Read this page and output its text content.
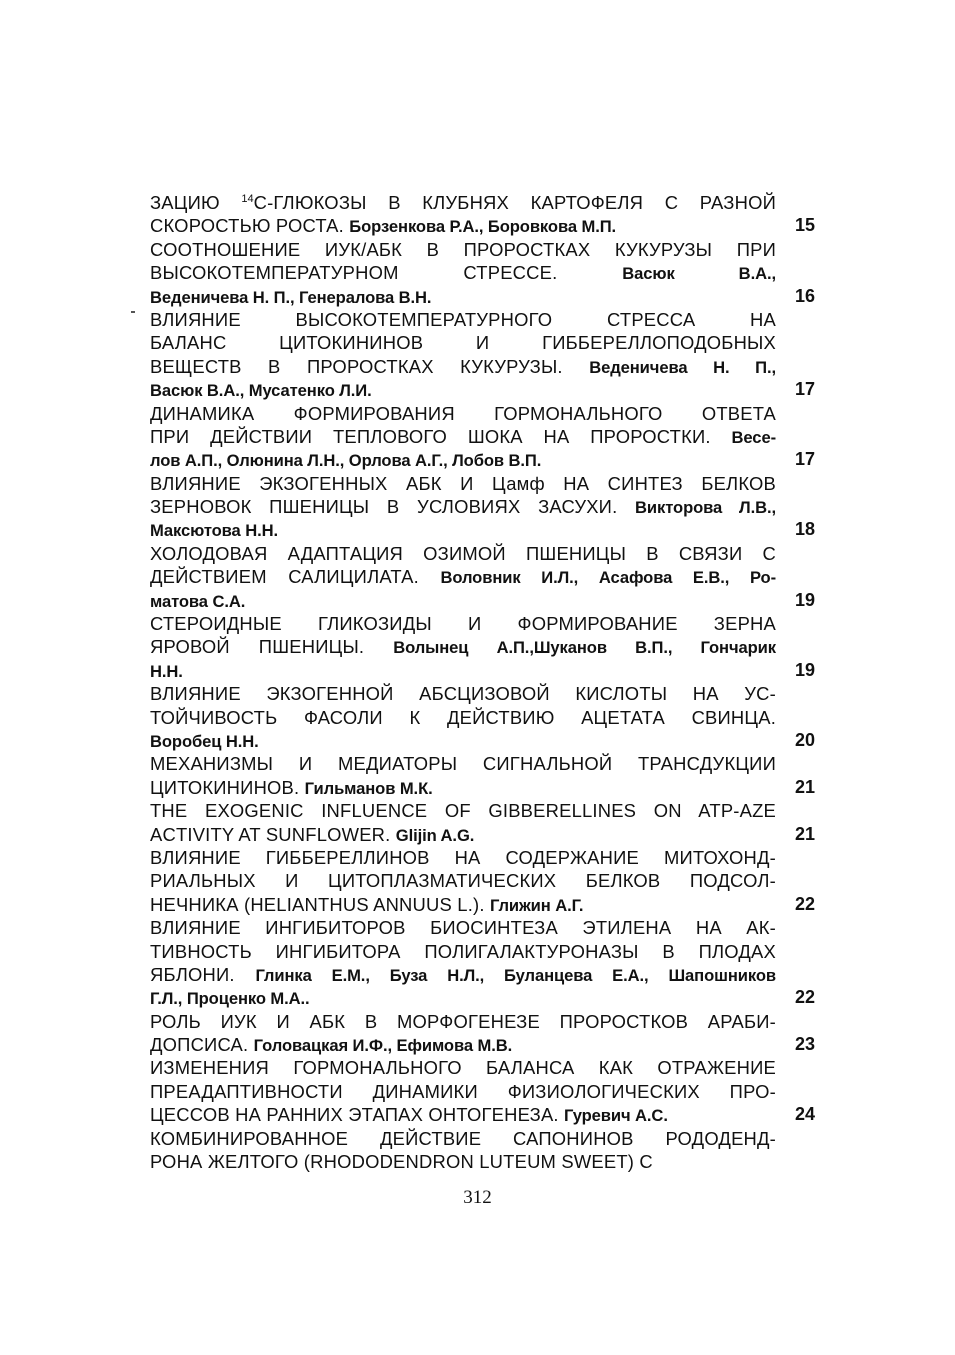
ЗАЦИЮ $^{14}$С-ГЛЮКОЗЫ В КЛУБНЯХ КАРТОФЕЛЯ С РАЗНОЙ
СКОРОСТЬЮ РОСТА. Борзенкова Р.А., Боровкова М.П.	15
СООТНОШЕНИЕ ИУК/АБК В ПРОРОСТКАХ КУКУРУЗЫ ПРИ
ВЫСОКОТЕМПЕРАТУРНОМ СТРЕССЕ. Васюк В.А.,
Веденичева Н. П., Генералова В.Н.	16
ВЛИЯНИЕ ВЫСОКОТЕМПЕРАТУРНОГО СТРЕССА НА
БАЛАНС ЦИТОКИНИНОВ И ГИББЕРЕЛЛОПОДОБНЫХ
ВЕЩЕСТВ В ПРОРОСТКАХ КУКУРУЗЫ. Веденичева Н. П.,
Васюк В.А., Мусатенко Л.И.	17
ДИНАМИКА ФОРМИРОВАНИЯ ГОРМОНАЛЬНОГО ОТВЕТА
ПРИ ДЕЙСТВИИ ТЕПЛОВОГО ШОКА НА ПРОРОСТКИ. Весе-
лов А.П., Олюнина Л.Н., Орлова А.Г., Лобов В.П.	17
ВЛИЯНИЕ ЭКЗОГЕННЫХ АБК И Цамф НА СИНТЕЗ БЕЛКОВ
ЗЕРНОВОК ПШЕНИЦЫ В УСЛОВИЯХ ЗАСУХИ. Викторова Л.В.,
Максютова Н.Н.	18
ХОЛОДОВАЯ АДАПТАЦИЯ ОЗИМОЙ ПШЕНИЦЫ В СВЯЗИ С
ДЕЙСТВИЕМ САЛИЦИЛАТА. Воловник И.Л., Асафова Е.В., Ро-
матова С.А.	19
СТЕРОИДНЫЕ ГЛИКОЗИДЫ И ФОРМИРОВАНИЕ ЗЕРНА
ЯРОВОЙ ПШЕНИЦЫ. Волынец А.П.,Шуканов В.П., Гончарик
Н.Н.	19
ВЛИЯНИЕ ЭКЗОГЕННОЙ АБСЦИЗОВОЙ КИСЛОТЫ НА УС-
ТОЙЧИВОСТЬ ФАСОЛИ К ДЕЙСТВИЮ АЦЕТАТА СВИНЦА.
Воробец Н.Н.	20
МЕХАНИЗМЫ И МЕДИАТОРЫ СИГНАЛЬНОЙ ТРАНСДУКЦИИ
ЦИТОКИНИНОВ. Гильманов М.К.	21
THE EXOGENIC INFLUENCE OF GIBBERELLINES ON ATP-AZE
ACTIVITY AT SUNFLOWER. Glijin A.G.	21
ВЛИЯНИЕ ГИББЕРЕЛЛИНОВ НА СОДЕРЖАНИЕ МИТОХОНД-
РИАЛЬНЫХ И ЦИТОПЛАЗМАТИЧЕСКИХ БЕЛКОВ ПОДСОЛ-
НЕЧНИКА (HELIANTHUS ANNUUS L.). Глижин А.Г.	22
ВЛИЯНИЕ ИНГИБИТОРОВ БИОСИНТЕЗА ЭТИЛЕНА НА АК-
ТИВНОСТЬ ИНГИБИТОРА ПОЛИГАЛАКТУРОНАЗЫ В ПЛОДАХ
ЯБЛОНИ. Глинка Е.М., Буза Н.Л., Буланцева Е.А., Шапошников
Г.Л., Проценко М.А..	22
РОЛЬ ИУК И АБК В МОРФОГЕНЕЗЕ ПРОРОСТКОВ АРАБИ-
ДОПСИСА. Головацкая И.Ф., Ефимова М.В.	23
ИЗМЕНЕНИЯ ГОРМОНАЛЬНОГО БАЛАНСА КАК ОТРАЖЕНИЕ
ПРЕАДАПТИВНОСТИ ДИНАМИКИ ФИЗИОЛОГИЧЕСКИХ ПРО-
ЦЕССОВ НА РАННИХ ЭТАПАХ ОНТОГЕНЕЗА. Гуревич А.С.	24
КОМБИНИРОВАННОЕ ДЕЙСТВИЕ САПОНИНОВ РОДОДЕНД-
РОНА ЖЕЛТОГО (RHODODENDRON LUTEUM SWEET) С
312
